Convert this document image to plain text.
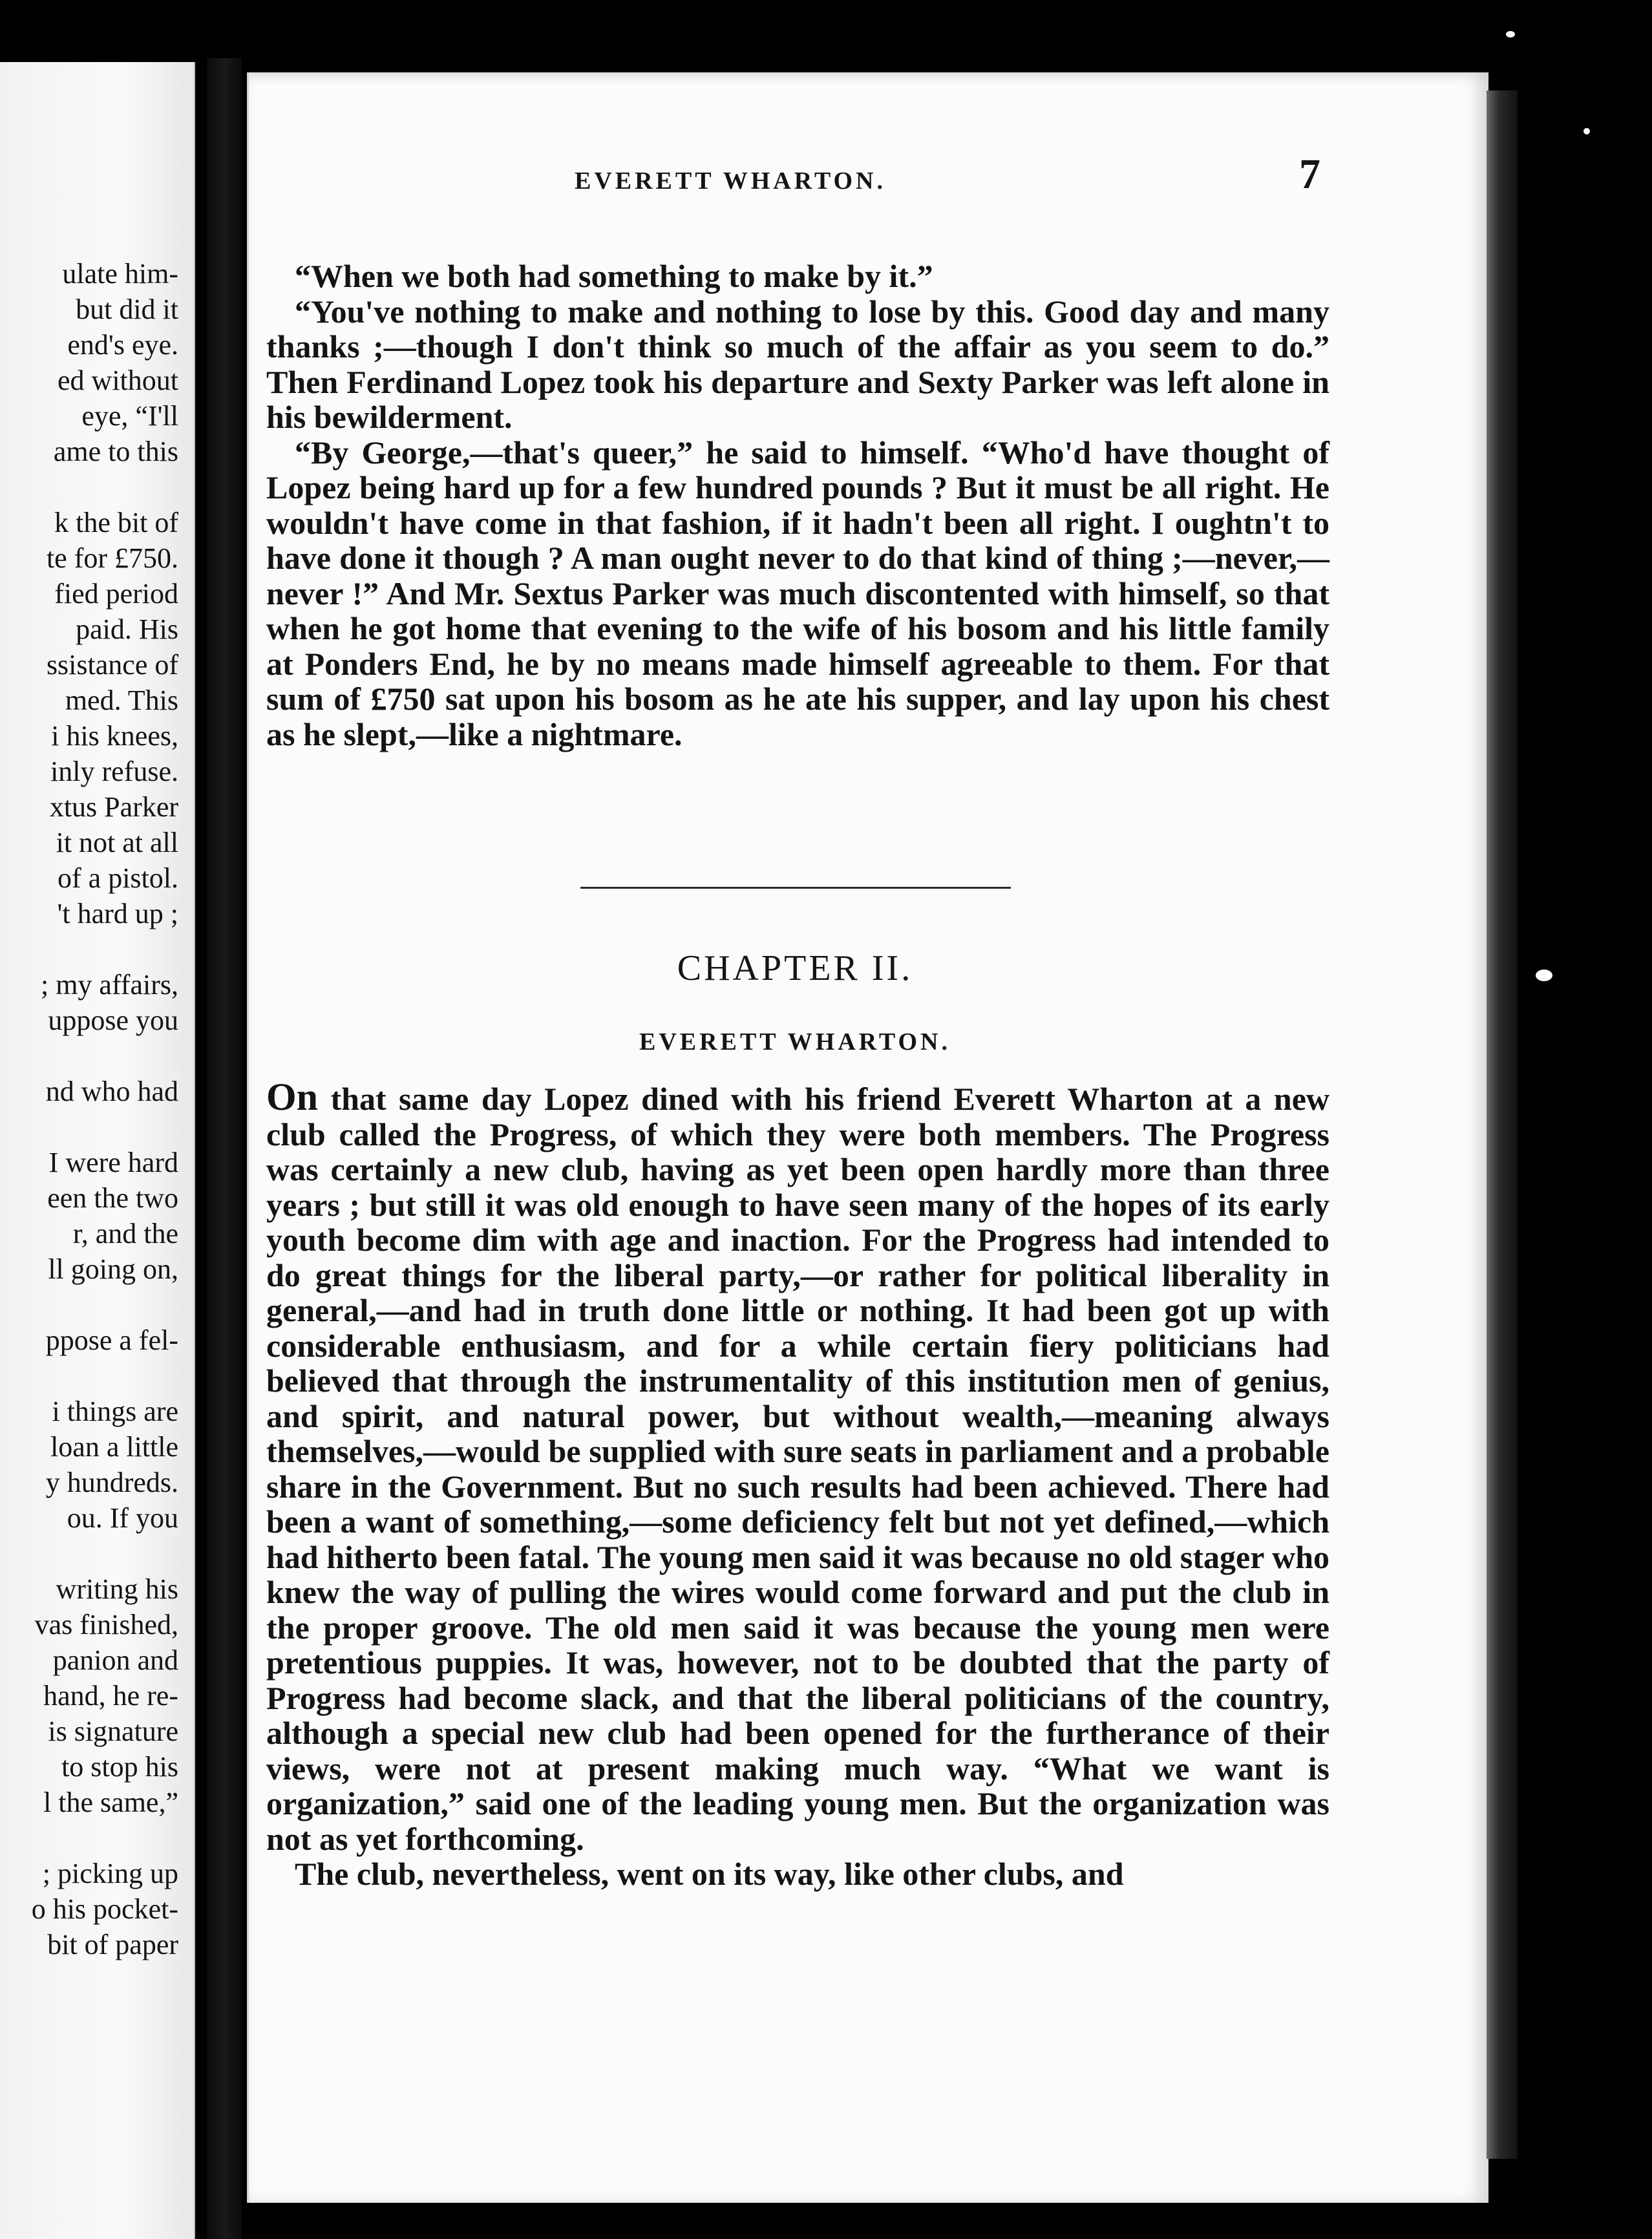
ulate him-
but did it
end's eye.
ed without
eye, “I'll
ame to this
k the bit of
te for £750.
fied period
paid. His
ssistance of
med. This
i his knees,
inly refuse.
xtus Parker
it not at all
of a pistol.
't hard up ;
; my affairs,
uppose you
nd who had
I were hard
een the two
r, and the
ll going on,
ppose a fel-
i things are
loan a little
y hundreds.
ou. If you
writing his
vas finished,
panion and
hand, he re-
is signature
to stop his
l the same,”
; picking up
o his pocket-
bit of paper
EVERETT WHARTON.	7

“When we both had something to make by it.”

“You've nothing to make and nothing to lose by this. Good day and many thanks ;—though I don't think so much of the affair as you seem to do.” Then Ferdinand Lopez took his departure and Sexty Parker was left alone in his bewilderment.

“By George,—that's queer,” he said to himself. “Who'd have thought of Lopez being hard up for a few hundred pounds ? But it must be all right. He wouldn't have come in that fashion, if it hadn't been all right. I oughtn't to have done it though ? A man ought never to do that kind of thing ;—never,—never !” And Mr. Sextus Parker was much discontented with himself, so that when he got home that evening to the wife of his bosom and his little family at Ponders End, he by no means made himself agreeable to them. For that sum of £750 sat upon his bosom as he ate his supper, and lay upon his chest as he slept,—like a nightmare.

CHAPTER II.
EVERETT WHARTON.

On that same day Lopez dined with his friend Everett Wharton at a new club called the Progress, of which they were both members. The Progress was certainly a new club, having as yet been open hardly more than three years ; but still it was old enough to have seen many of the hopes of its early youth become dim with age and inaction. For the Progress had intended to do great things for the liberal party,—or rather for political liberality in general,—and had in truth done little or nothing. It had been got up with considerable enthusiasm, and for a while certain fiery politicians had believed that through the instrumentality of this institution men of genius, and spirit, and natural power, but without wealth,—meaning always themselves,—would be supplied with sure seats in parliament and a probable share in the Government. But no such results had been achieved. There had been a want of something,—some deficiency felt but not yet defined,—which had hitherto been fatal. The young men said it was because no old stager who knew the way of pulling the wires would come forward and put the club in the proper groove. The old men said it was because the young men were pretentious puppies. It was, however, not to be doubted that the party of Progress had become slack, and that the liberal politicians of the country, although a special new club had been opened for the furtherance of their views, were not at present making much way. “What we want is organization,” said one of the leading young men. But the organization was not as yet forthcoming.

The club, nevertheless, went on its way, like other clubs, and
